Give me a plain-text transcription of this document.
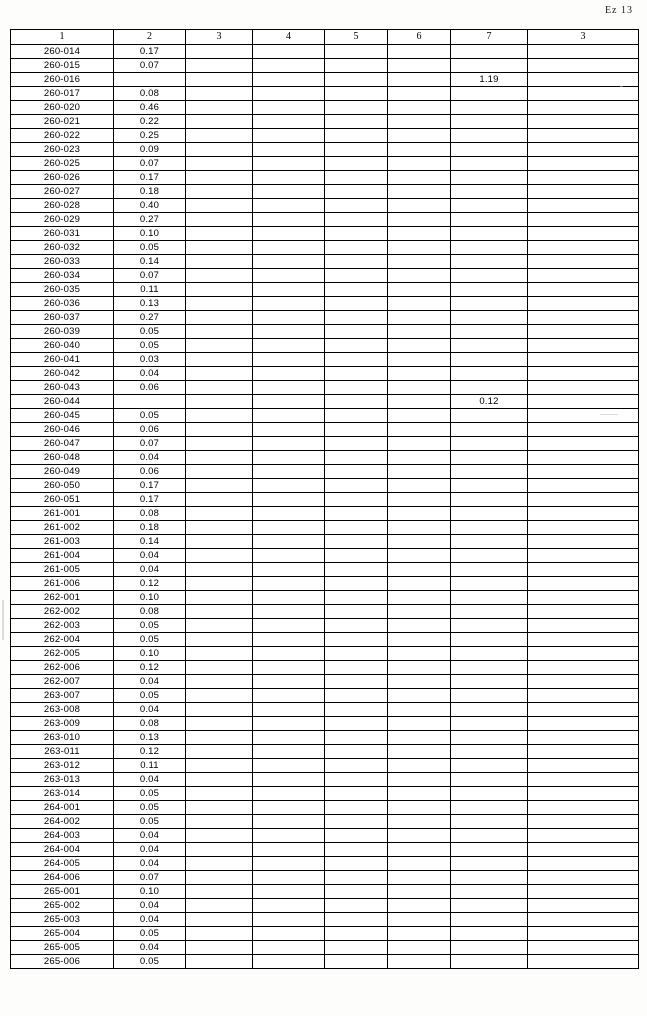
Ez 13
1	2	3	4	5	6	7	3
260-014	0.17						
260-015	0.07						
260-016						1.19	
260-017	0.08						
260-020	0.46						
260-021	0.22						
260-022	0.25						
260-023	0.09						
260-025	0.07						
260-026	0.17						
260-027	0.18						
260-028	0.40						
260-029	0.27						
260-031	0.10						
260-032	0.05						
260-033	0.14						
260-034	0.07						
260-035	0.11						
260-036	0.13						
260-037	0.27						
260-039	0.05						
260-040	0.05						
260-041	0.03						
260-042	0.04						
260-043	0.06						
260-044						0.12	
260-045	0.05						
260-046	0.06						
260-047	0.07						
260-048	0.04						
260-049	0.06						
260-050	0.17						
260-051	0.17						
261-001	0.08						
261-002	0.18						
261-003	0.14						
261-004	0.04						
261-005	0.04						
261-006	0.12						
262-001	0.10						
262-002	0.08						
262-003	0.05						
262-004	0.05						
262-005	0.10						
262-006	0.12						
262-007	0.04						
263-007	0.05						
263-008	0.04						
263-009	0.08						
263-010	0.13						
263-011	0.12						
263-012	0.11						
263-013	0.04						
263-014	0.05						
264-001	0.05						
264-002	0.05						
264-003	0.04						
264-004	0.04						
264-005	0.04						
264-006	0.07						
265-001	0.10						
265-002	0.04						
265-003	0.04						
265-004	0.05						
265-005	0.04						
265-006	0.05						
